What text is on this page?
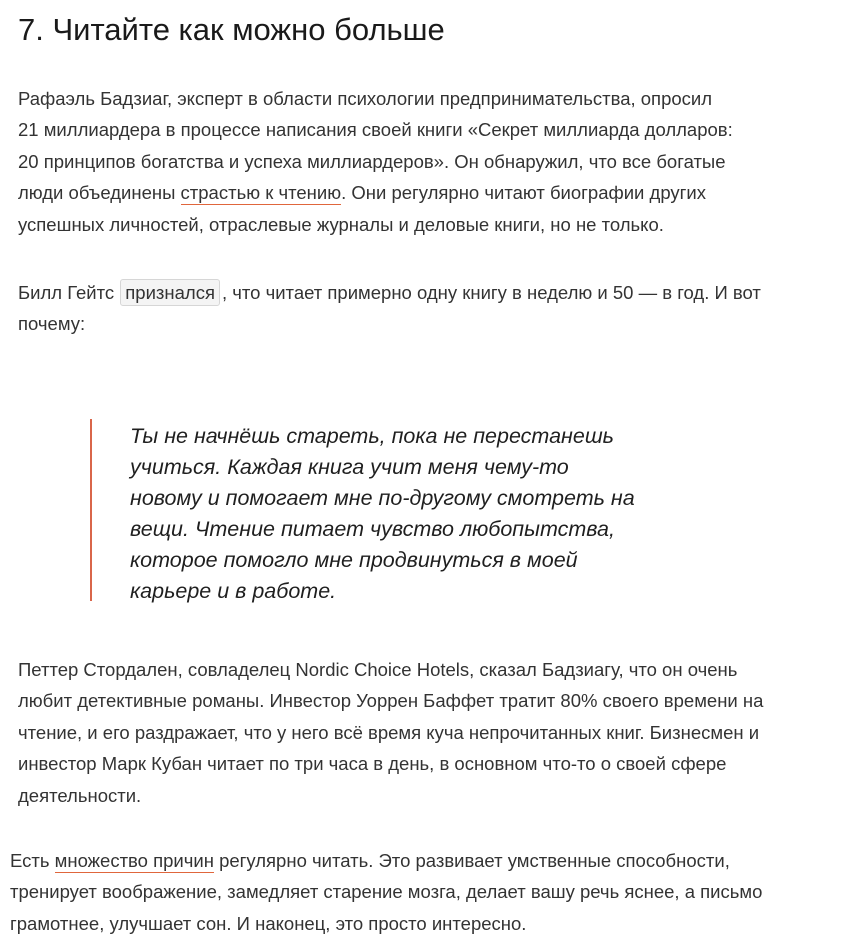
7. Читайте как можно больше

Рафаэль Бадзиаг, эксперт в области психологии предпринимательства, опросил
21 миллиардера в процессе написания своей книги «Секрет миллиарда долларов:
20 принципов богатства и успеха миллиардеров». Он обнаружил, что все богатые
люди объединены страстью к чтению. Они регулярно читают биографии других
успешных личностей, отраслевые журналы и деловые книги, но не только.

Билл Гейтс признался , что читает примерно одну книгу в неделю и 50 — в год. И вот
почему:

Ты не начнёшь стареть, пока не перестанешь
учиться. Каждая книга учит меня чему-то
новому и помогает мне по-другому смотреть на
вещи. Чтение питает чувство любопытства,
которое помогло мне продвинуться в моей
карьере и в работе.

Петтер Стордален, совладелец Nordic Choice Hotels, сказал Бадзиагу, что он очень
любит детективные романы. Инвестор Уоррен Баффет тратит 80% своего времени на
чтение, и его раздражает, что у него всё время куча непрочитанных книг. Бизнесмен и
инвестор Марк Кубан читает по три часа в день, в основном что-то о своей сфере
деятельности.

Есть множество причин регулярно читать. Это развивает умственные способности,
тренирует воображение, замедляет старение мозга, делает вашу речь яснее, а письмо
грамотнее, улучшает сон. И наконец, это просто интересно.
